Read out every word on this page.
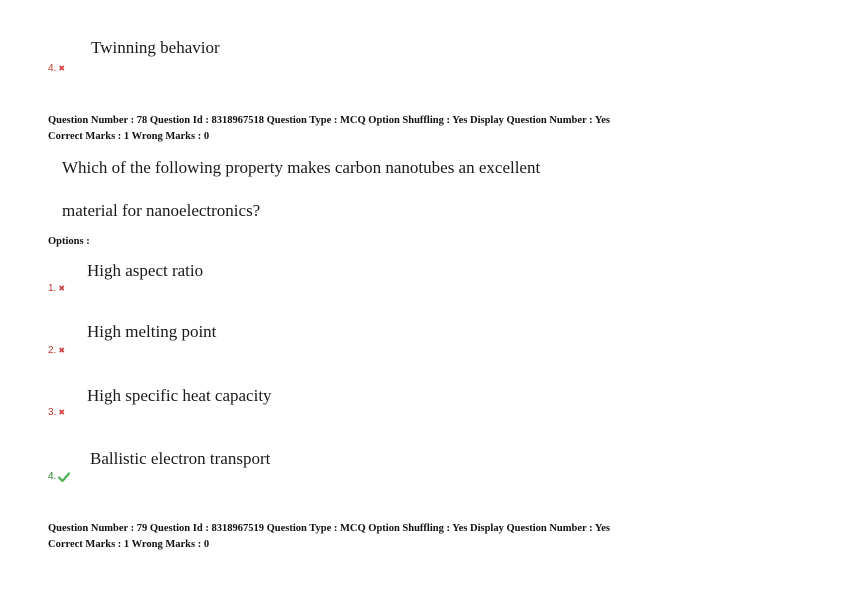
Twinning behavior
4. ✖
Question Number : 78 Question Id : 8318967518 Question Type : MCQ Option Shuffling : Yes Display Question Number : Yes
Correct Marks : 1 Wrong Marks : 0
Which of the following property makes carbon nanotubes an excellent
material for nanoelectronics?
Options :
High aspect ratio
1. ✖
High melting point
2. ✖
High specific heat capacity
3. ✖
Ballistic electron transport
4.
Question Number : 79 Question Id : 8318967519 Question Type : MCQ Option Shuffling : Yes Display Question Number : Yes
Correct Marks : 1 Wrong Marks : 0
